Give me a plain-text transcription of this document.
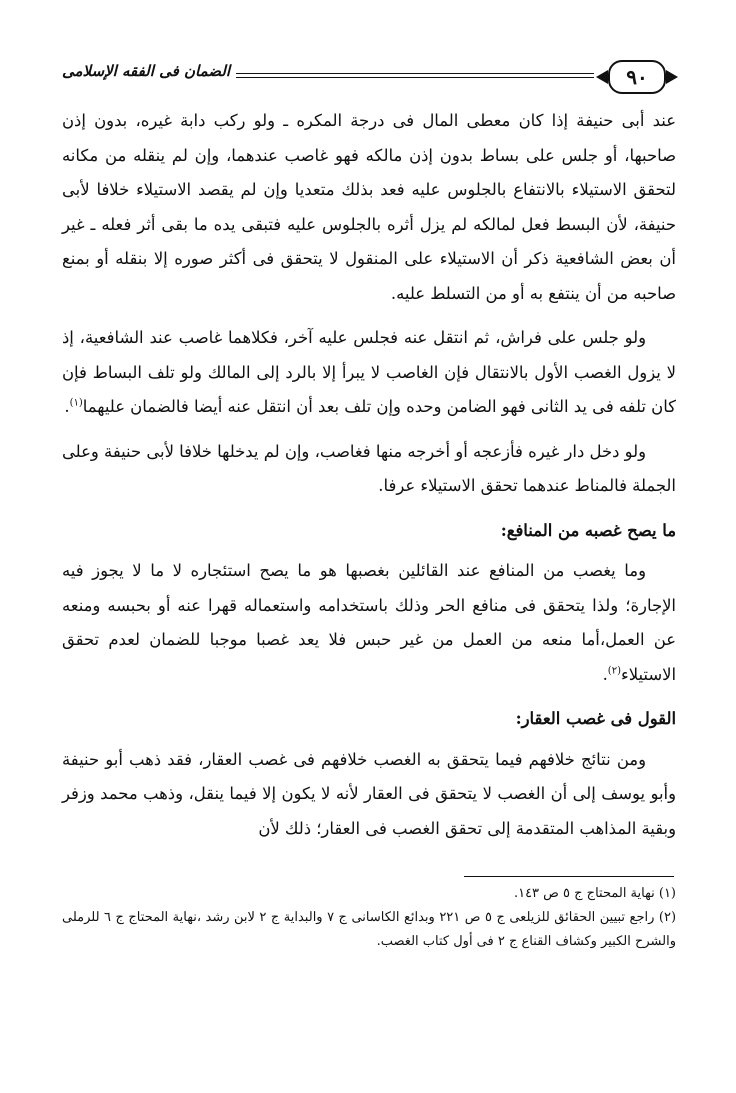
الضمان فى الفقه الإسلامى	٩٠

عند أبى حنيفة إذا كان معطى المال فى درجة المكره ـ ولو ركب دابة غيره، بدون إذن صاحبها، أو جلس على بساط بدون إذن مالكه فهو غاصب عندهما، وإن لم ينقله من مكانه لتحقق الاستيلاء بالانتفاع بالجلوس عليه فعد بذلك متعديا وإن لم يقصد الاستيلاء خلافا لأبى حنيفة، لأن البسط فعل لمالكه لم يزل أثره بالجلوس عليه فتبقى يده ما بقى أثر فعله ـ غير أن بعض الشافعية ذكر أن الاستيلاء على المنقول لا يتحقق فى أكثر صوره إلا بنقله أو بمنع صاحبه من أن ينتفع به أو من التسلط عليه.

ولو جلس على فراش، ثم انتقل عنه فجلس عليه آخر، فكلاهما غاصب عند الشافعية، إذ لا يزول الغصب الأول بالانتقال فإن الغاصب لا يبرأ إلا بالرد إلى المالك ولو تلف البساط فإن كان تلفه فى يد الثانى فهو الضامن وحده وإن تلف بعد أن انتقل عنه أيضا فالضمان عليهما$^{(١)}$.

ولو دخل دار غيره فأزعجه أو أخرجه منها فغاصب، وإن لم يدخلها خلافا لأبى حنيفة وعلى الجملة فالمناط عندهما تحقق الاستيلاء عرفا.

ما يصح غصبه من المنافع:

وما يغصب من المنافع عند القائلين بغصبها هو ما يصح استئجاره لا ما لا يجوز فيه الإجارة؛ ولذا يتحقق فى منافع الحر وذلك باستخدامه واستعماله قهرا عنه أو بحبسه ومنعه عن العمل،أما منعه من العمل من غير حبس فلا يعد غصبا موجبا للضمان لعدم تحقق الاستيلاء$^{(٢)}$.

القول فى غصب العقار:

ومن نتائج خلافهم فيما يتحقق به الغصب خلافهم فى غصب العقار، فقد ذهب أبو حنيفة وأبو يوسف إلى أن الغصب لا يتحقق فى العقار لأنه لا يكون إلا فيما ينقل، وذهب محمد وزفر وبقية المذاهب المتقدمة إلى تحقق الغصب فى العقار؛ ذلك لأن

(١) نهاية المحتاج ج ٥ ص ١٤٣.
(٢) راجع تبيين الحقائق للزيلعى ج ٥ ص ٢٢١ وبدائع الكاسانى ج ٧ والبداية ج ٢ لابن رشد ،نهاية المحتاج ج ٦ للرملى والشرح الكبير وكشاف القناع ج ٢ فى أول كتاب الغصب.
